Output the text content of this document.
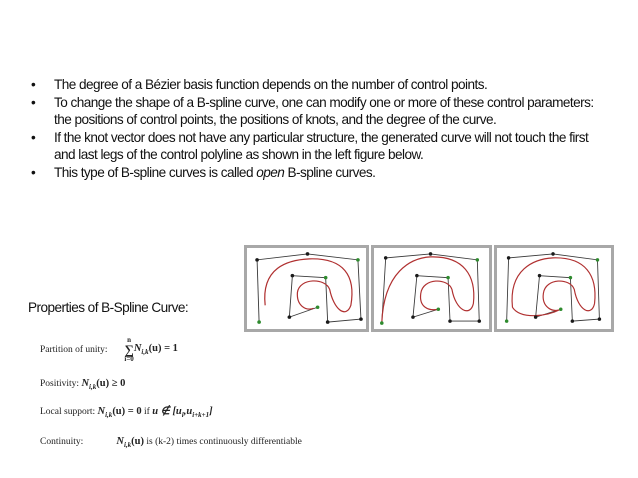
• The degree of a Bézier basis function depends on the number of control points.
• To change the shape of a B-spline curve, one can modify one or more of these control parameters: the positions of control points, the positions of knots, and the degree of the curve.
• If the knot vector does not have any particular structure, the generated curve will not touch the first and last legs of the control polyline as shown in the left figure below.
• This type of B-spline curves is called open B-spline curves.
Properties of B-Spline Curve:
Partition of unity:
n
∑
i=0
$N_{i,k}(u) = 1$
Positivity: $N_{i,k}(u) \ge 0$
Local support: $N_{i,k}(u) = 0$ if u ∉ $[u_i,u_{i+k+1}]$
Continuity:	$N_{i,k}(u)$ is (k-2) times continuously differentiable
